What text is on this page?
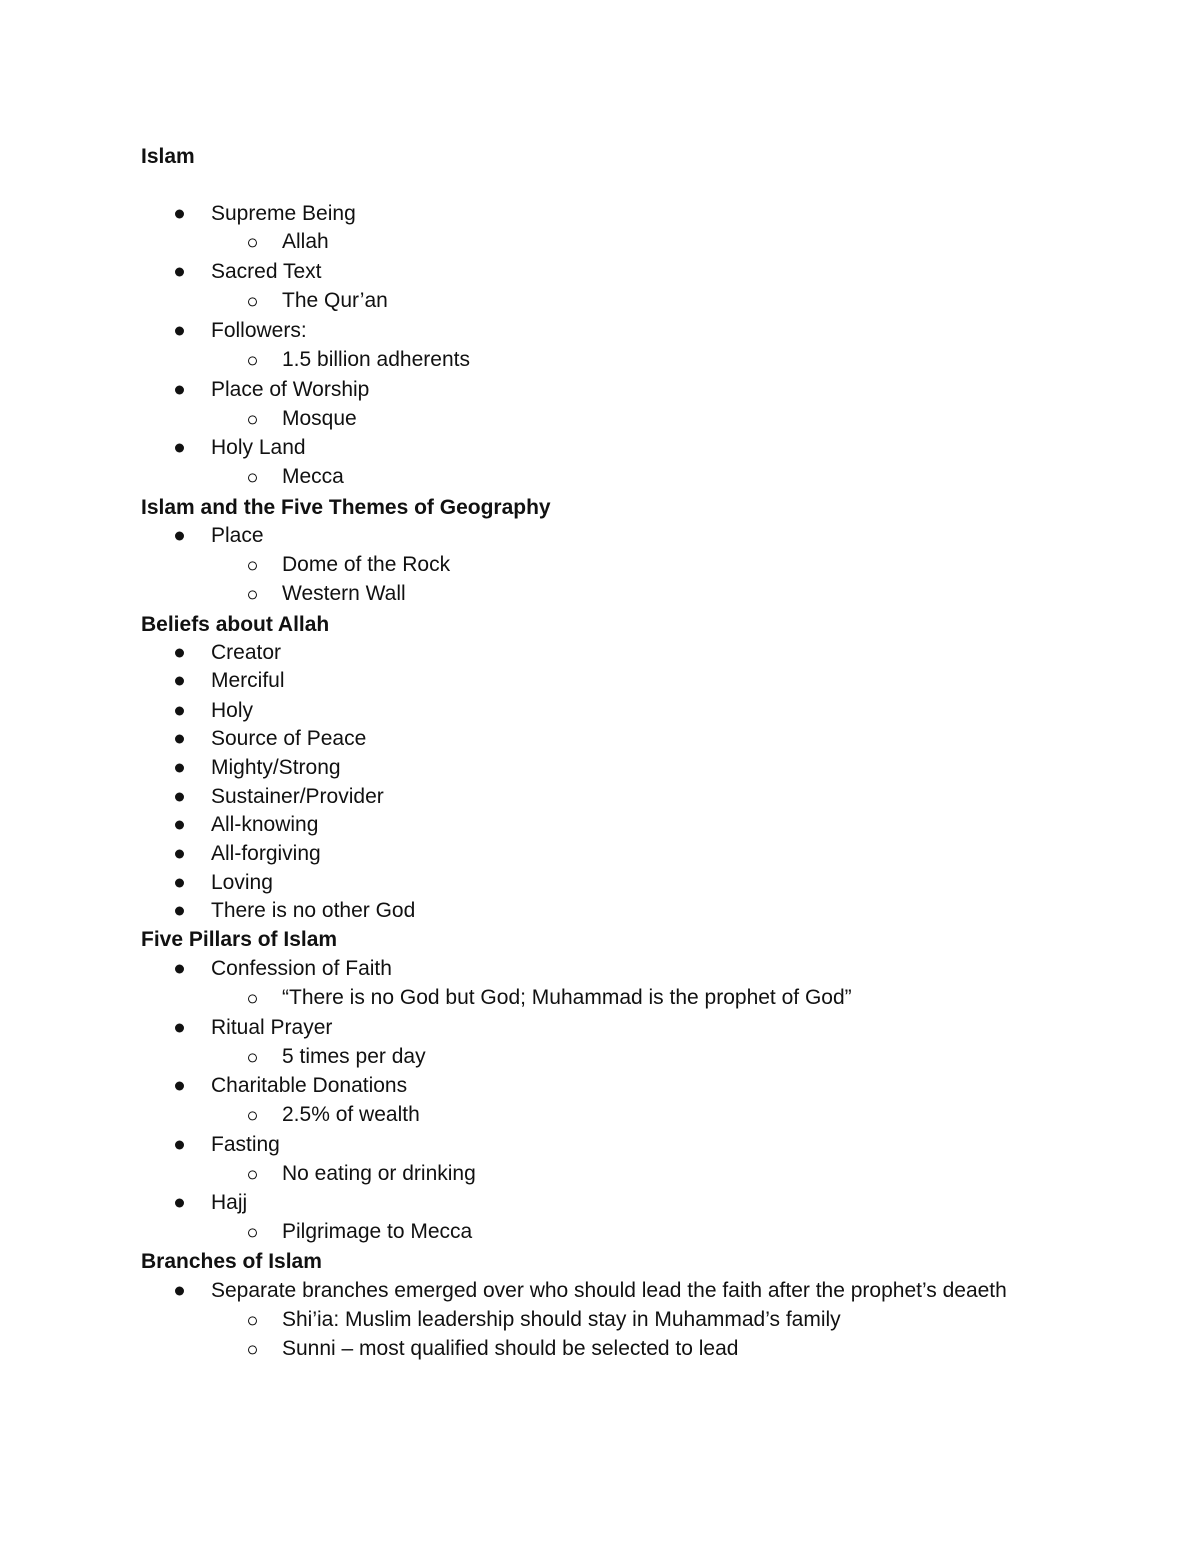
Islam
Supreme Being
Allah
Sacred Text
The Qur’an
Followers:
1.5 billion adherents
Place of Worship
Mosque
Holy Land
Mecca
Islam and the Five Themes of Geography
Place
Dome of the Rock
Western Wall
Beliefs about Allah
Creator
Merciful
Holy
Source of Peace
Mighty/Strong
Sustainer/Provider
All-knowing
All-forgiving
Loving
There is no other God
Five Pillars of Islam
Confession of Faith
“There is no God but God; Muhammad is the prophet of God”
Ritual Prayer
5 times per day
Charitable Donations
2.5% of wealth
Fasting
No eating or drinking
Hajj
Pilgrimage to Mecca
Branches of Islam
Separate branches emerged over who should lead the faith after the prophet’s deaeth
Shi’ia: Muslim leadership should stay in Muhammad’s family
Sunni – most qualified should be selected to lead
